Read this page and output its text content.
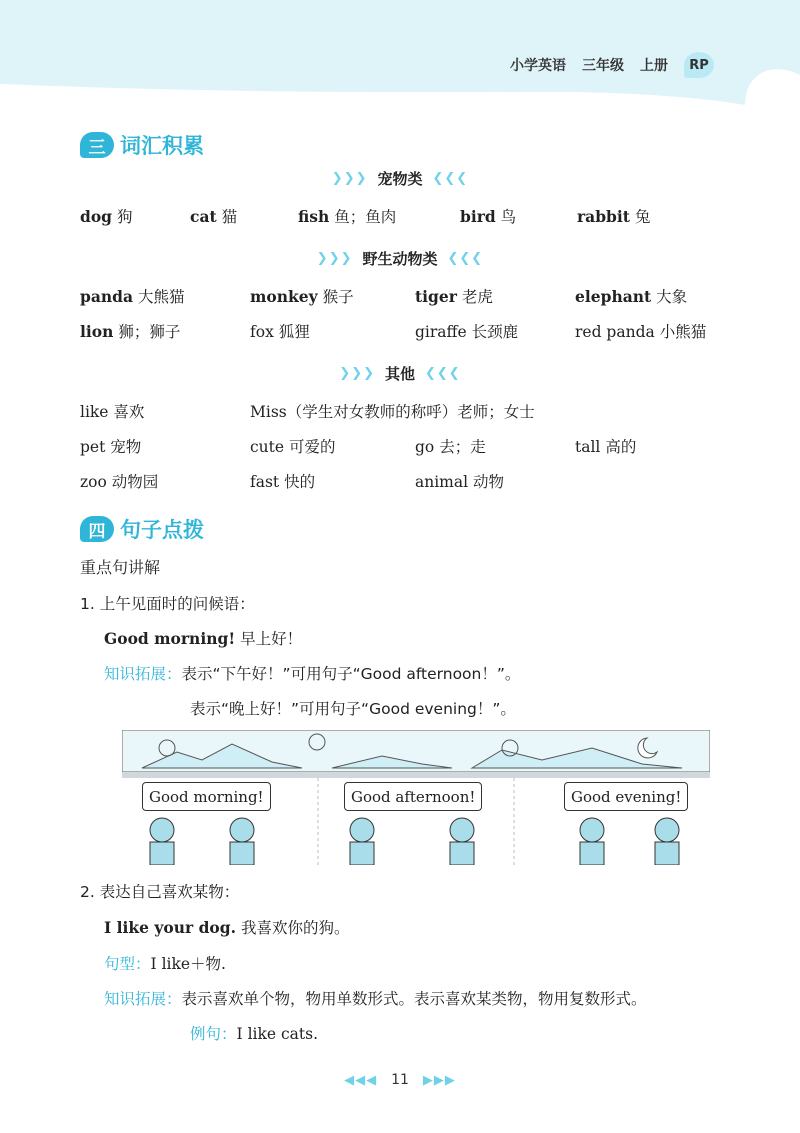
小学英语 三年级 上册	RP
三 词汇积累
❯❯❯ 宠物类 ❮❮❮
dog 狗	cat 猫	fish 鱼；鱼肉	bird 鸟	rabbit 兔
❯❯❯ 野生动物类 ❮❮❮
panda 大熊猫	monkey 猴子	tiger 老虎	elephant 大象
lion 狮；狮子	fox 狐狸	giraffe 长颈鹿	red panda 小熊猫
❯❯❯ 其他 ❮❮❮
like 喜欢	Miss（学生对女教师的称呼）老师；女士
pet 宠物	cute 可爱的	go 去；走	tall 高的
zoo 动物园	fast 快的	animal 动物
四 句子点拨
重点句讲解
1. 上午见面时的问候语：
Good morning! 早上好！
知识拓展：表示“下午好！”可用句子“Good afternoon！”。
表示“晚上好！”可用句子“Good evening！”。
Good morning!	Good afternoon!	Good evening!
2. 表达自己喜欢某物：
I like your dog. 我喜欢你的狗。
句型：I like＋物.
知识拓展：表示喜欢单个物，物用单数形式。表示喜欢某类物，物用复数形式。
例句：I like cats.
◀◀◀ 11 ▶▶▶
